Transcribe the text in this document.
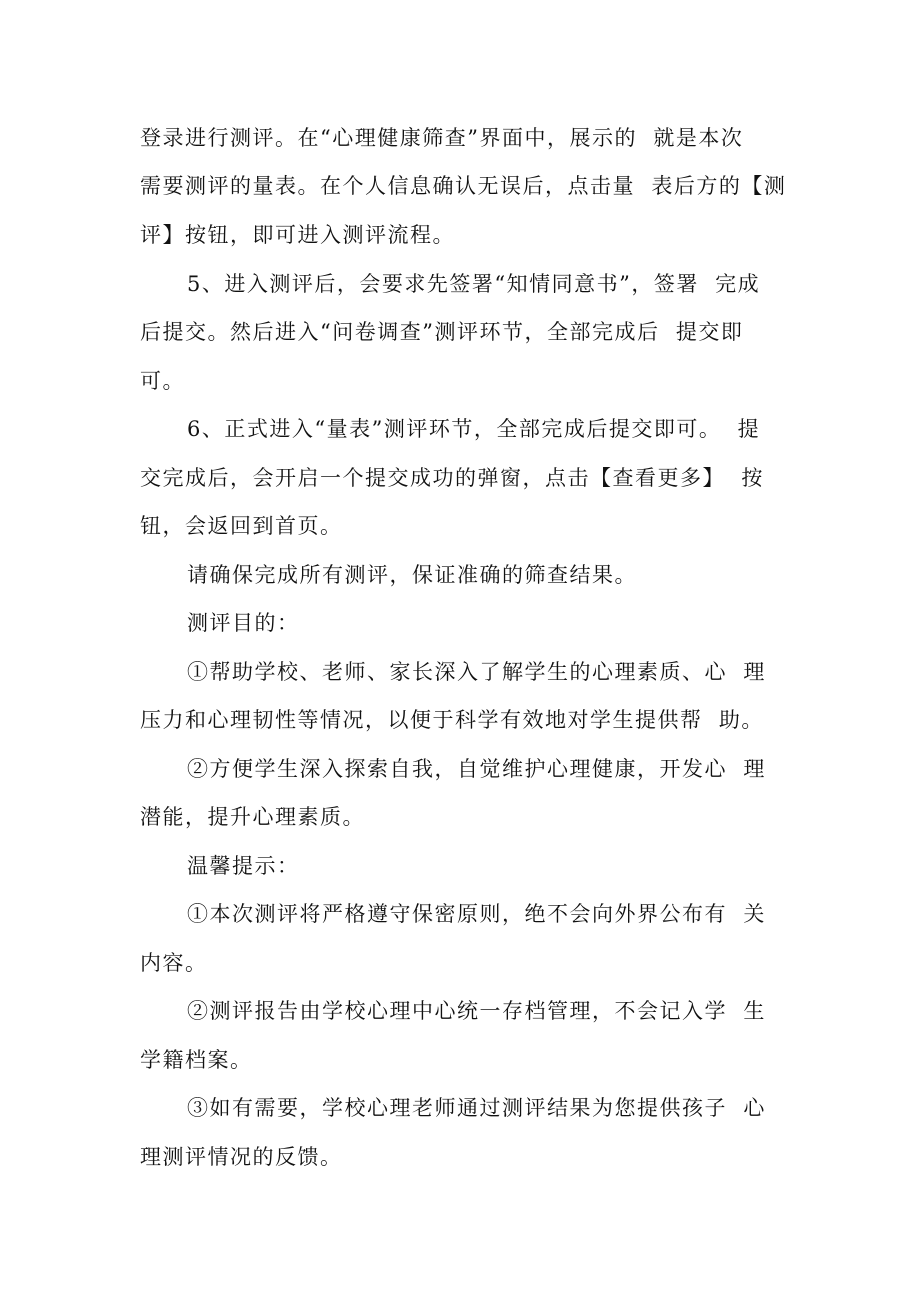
登录进行测评。在“心理健康筛查”界面中，展示的  就是本次
需要测评的量表。在个人信息确认无误后，点击量  表后方的【测
评】按钮，即可进入测评流程。
5、进入测评后，会要求先签署“知情同意书”，签署  完成
后提交。然后进入“问卷调查”测评环节，全部完成后  提交即
可。
6、正式进入“量表”测评环节，全部完成后提交即可。  提
交完成后，会开启一个提交成功的弹窗，点击【查看更多】  按
钮，会返回到首页。
请确保完成所有测评，保证准确的筛查结果。
测评目的：
①帮助学校、老师、家长深入了解学生的心理素质、心  理
压力和心理韧性等情况，以便于科学有效地对学生提供帮  助。
②方便学生深入探索自我，自觉维护心理健康，开发心  理
潜能，提升心理素质。
温馨提示：
①本次测评将严格遵守保密原则，绝不会向外界公布有  关
内容。
②测评报告由学校心理中心统一存档管理，不会记入学  生
学籍档案。
③如有需要，学校心理老师通过测评结果为您提供孩子  心
理测评情况的反馈。
